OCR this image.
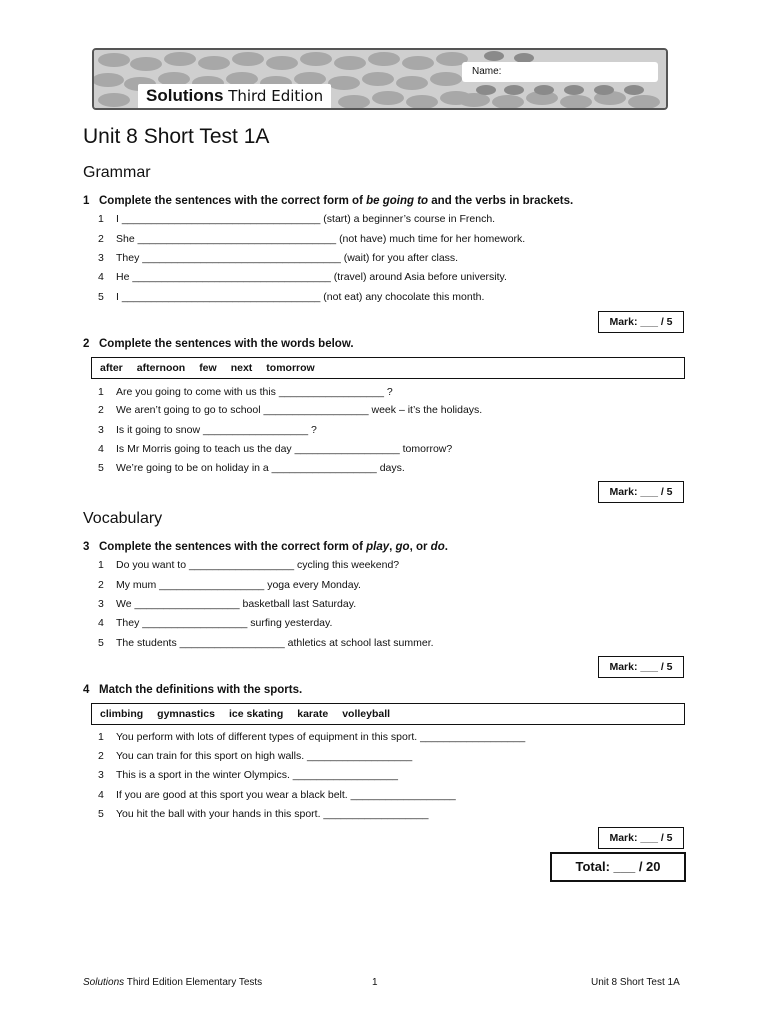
Name:
Solutions Third Edition
Unit 8 Short Test 1A
Grammar
1 Complete the sentences with the correct form of be going to and the verbs in brackets.
1 I __________________________________ (start) a beginner’s course in French.
2 She __________________________________ (not have) much time for her homework.
3 They __________________________________ (wait) for you after class.
4 He __________________________________ (travel) around Asia before university.
5 I __________________________________ (not eat) any chocolate this month.
Mark: ___ / 5
2 Complete the sentences with the words below.
after afternoon few next tomorrow
1 Are you going to come with us this __________________ ?
2 We aren’t going to go to school __________________ week – it’s the holidays.
3 Is it going to snow __________________ ?
4 Is Mr Morris going to teach us the day __________________ tomorrow?
5 We’re going to be on holiday in a __________________ days.
Mark: ___ / 5
Vocabulary
3 Complete the sentences with the correct form of play, go, or do.
1 Do you want to __________________ cycling this weekend?
2 My mum __________________ yoga every Monday.
3 We __________________ basketball last Saturday.
4 They __________________ surfing yesterday.
5 The students __________________ athletics at school last summer.
Mark: ___ / 5
4 Match the definitions with the sports.
climbing gymnastics ice skating karate volleyball
1 You perform with lots of different types of equipment in this sport. __________________
2 You can train for this sport on high walls. __________________
3 This is a sport in the winter Olympics. __________________
4 If you are good at this sport you wear a black belt. __________________
5 You hit the ball with your hands in this sport. __________________
Mark: ___ / 5
Total: ___ / 20
Solutions Third Edition Elementary Tests	1	Unit 8 Short Test 1A
